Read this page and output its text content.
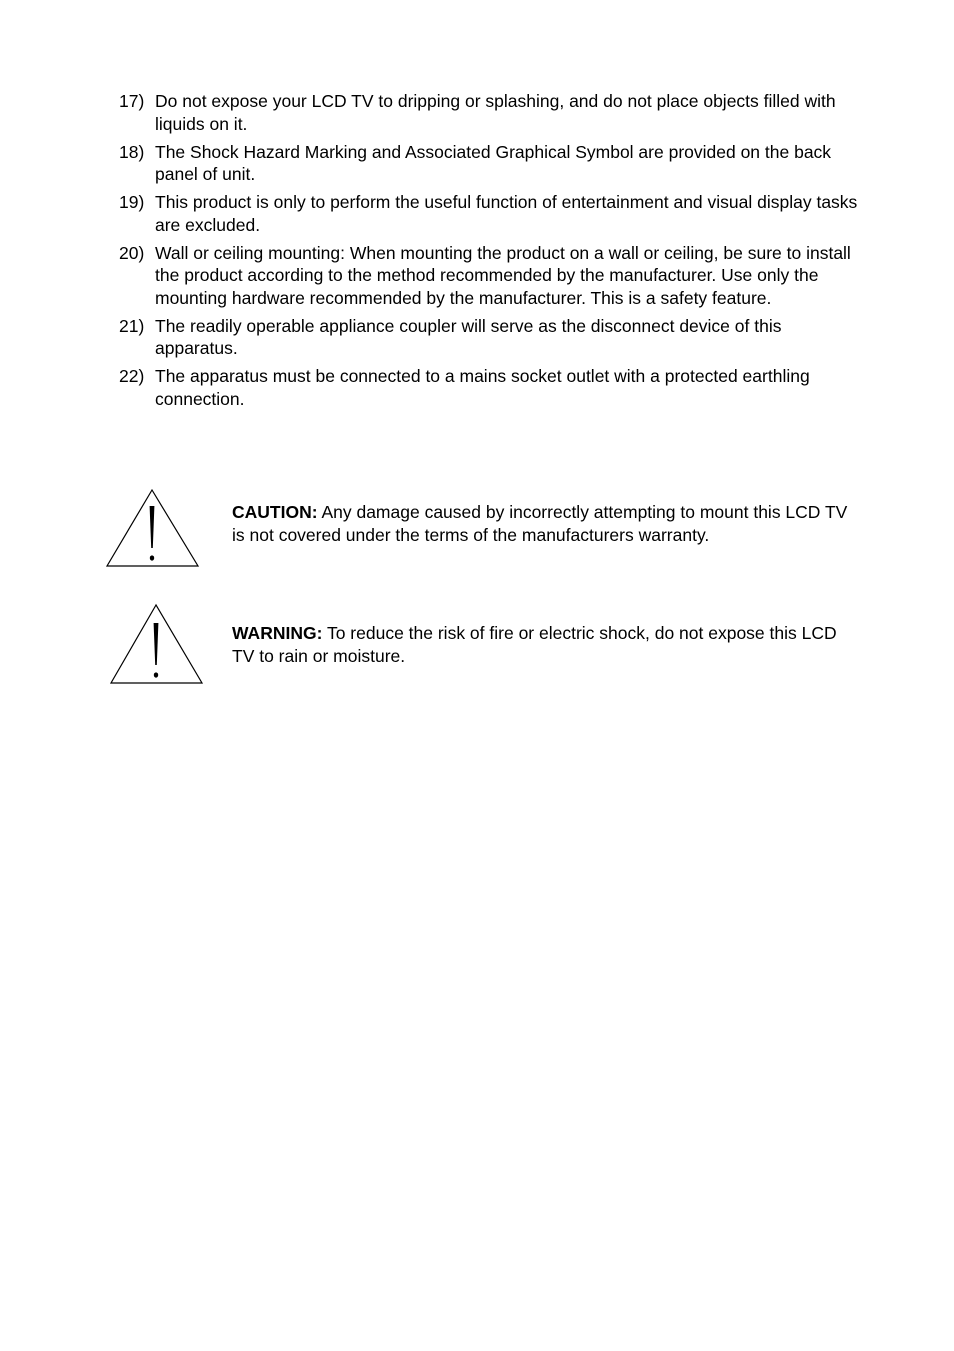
17) Do not expose your LCD TV to dripping or splashing, and do not place objects filled with liquids on it.
18) The Shock Hazard Marking and Associated Graphical Symbol are provided on the back panel of unit.
19) This product is only to perform the useful function of entertainment and visual display tasks are excluded.
20) Wall or ceiling mounting: When mounting the product on a wall or ceiling, be sure to install the product according to the method recommended by the manufacturer. Use only the mounting hardware recommended by the manufacturer. This is a safety feature.
21) The readily operable appliance coupler will serve as the disconnect device of this apparatus.
22) The apparatus must be connected to a mains socket outlet with a protected earthling connection.
CAUTION: Any damage caused by incorrectly attempting to mount this LCD TV is not covered under the terms of the manufacturers warranty.
WARNING: To reduce the risk of fire or electric shock, do not expose this LCD TV to rain or moisture.
